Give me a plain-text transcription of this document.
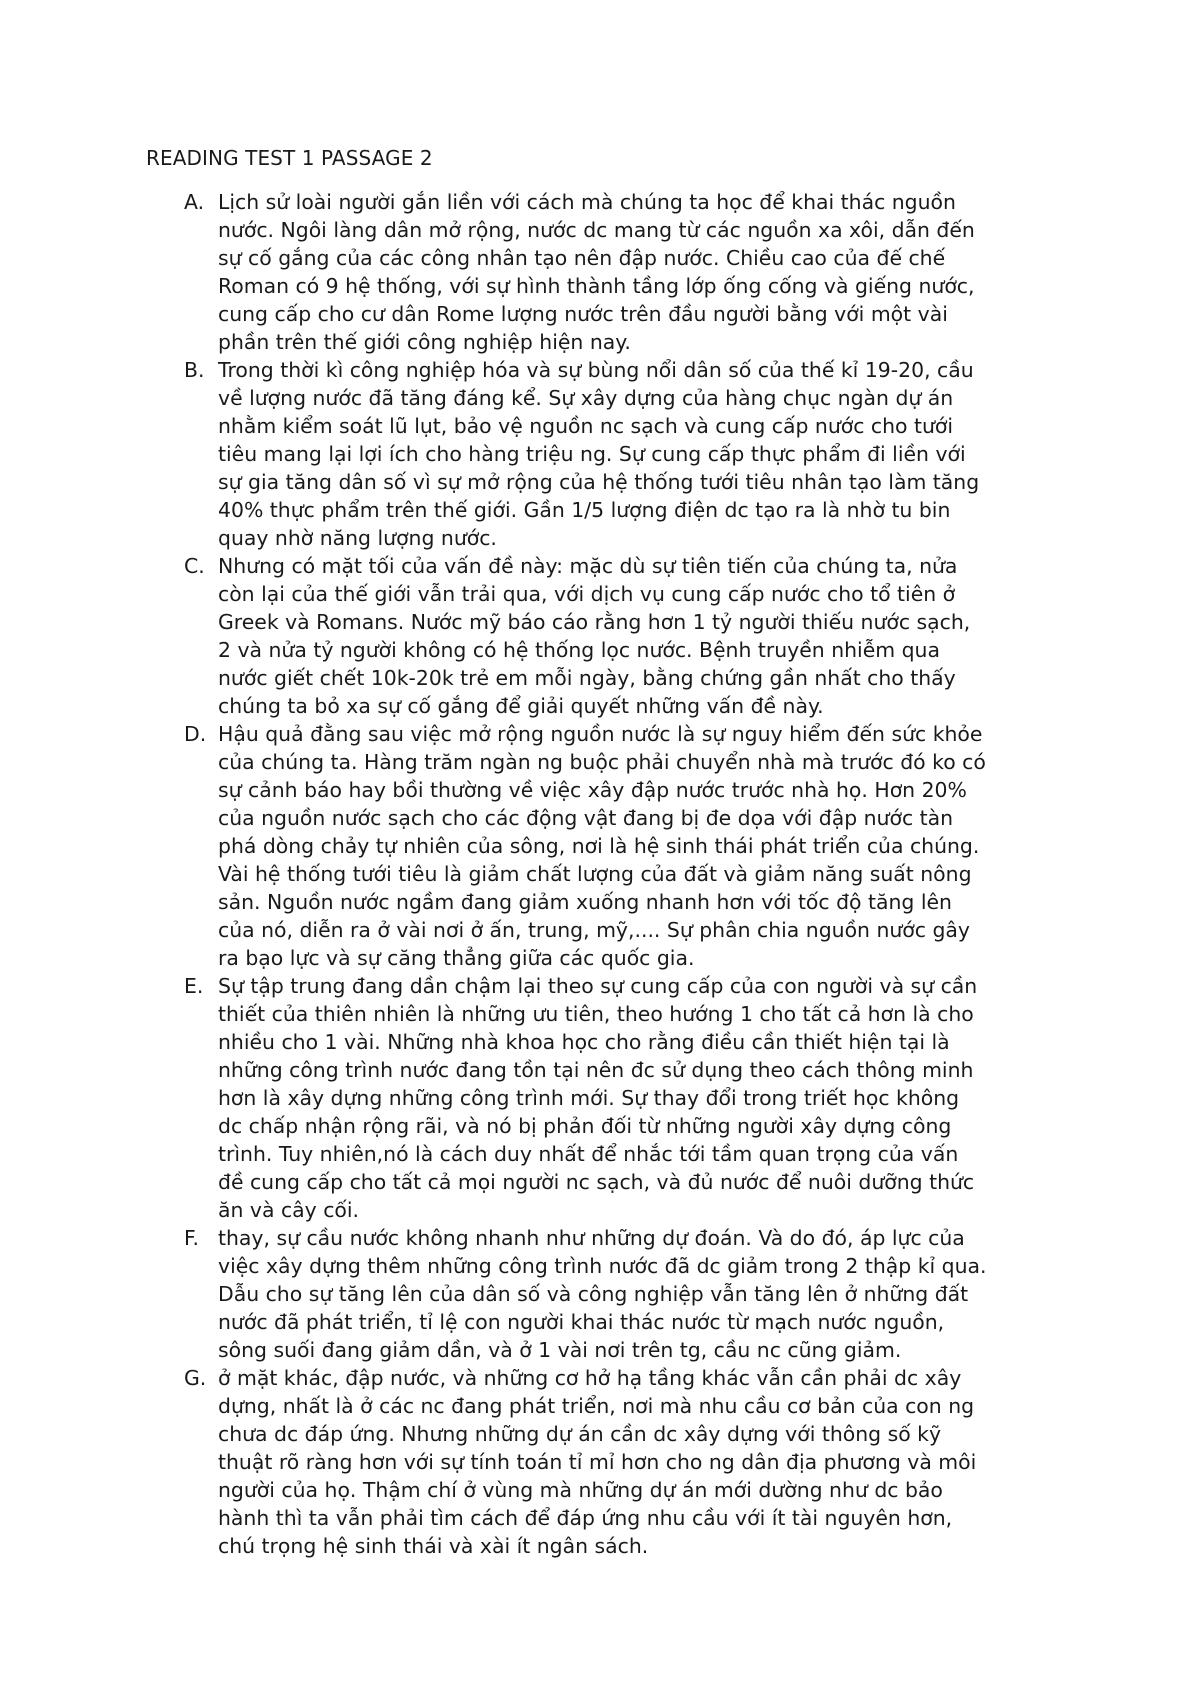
READING TEST 1 PASSAGE 2
A. Lịch sử loài người gắn liền với cách mà chúng ta học để khai thác nguồn
nước. Ngôi làng dân mở rộng, nước dc mang từ các nguồn xa xôi, dẫn đến
sự cố gắng của các công nhân tạo nên đập nước. Chiều cao của đế chế
Roman có 9 hệ thống, với sự hình thành tầng lớp ống cống và giếng nước,
cung cấp cho cư dân Rome lượng nước trên đầu người bằng với một vài
phần trên thế giới công nghiệp hiện nay.
B. Trong thời kì công nghiệp hóa và sự bùng nổi dân số của thế kỉ 19-20, cầu
về lượng nước đã tăng đáng kể. Sự xây dựng của hàng chục ngàn dự án
nhằm kiểm soát lũ lụt, bảo vệ nguồn nc sạch và cung cấp nước cho tưới
tiêu mang lại lợi ích cho hàng triệu ng. Sự cung cấp thực phẩm đi liền với
sự gia tăng dân số vì sự mở rộng của hệ thống tưới tiêu nhân tạo làm tăng
40% thực phẩm trên thế giới. Gần 1/5 lượng điện dc tạo ra là nhờ tu bin
quay nhờ năng lượng nước.
C. Nhưng có mặt tối của vấn đề này: mặc dù sự tiên tiến của chúng ta, nửa
còn lại của thế giới vẫn trải qua, với dịch vụ cung cấp nước cho tổ tiên ở
Greek và Romans. Nước mỹ báo cáo rằng hơn 1 tỷ người thiếu nước sạch,
2 và nửa tỷ người không có hệ thống lọc nước. Bệnh truyền nhiễm qua
nước giết chết 10k-20k trẻ em mỗi ngày, bằng chứng gần nhất cho thấy
chúng ta bỏ xa sự cố gắng để giải quyết những vấn đề này.
D. Hậu quả đằng sau việc mở rộng nguồn nước là sự nguy hiểm đến sức khỏe
của chúng ta. Hàng trăm ngàn ng buộc phải chuyển nhà mà trước đó ko có
sự cảnh báo hay bồi thường về việc xây đập nước trước nhà họ. Hơn 20%
của nguồn nước sạch cho các động vật đang bị đe dọa với đập nước tàn
phá dòng chảy tự nhiên của sông, nơi là hệ sinh thái phát triển của chúng.
Vài hệ thống tưới tiêu là giảm chất lượng của đất và giảm năng suất nông
sản. Nguồn nước ngầm đang giảm xuống nhanh hơn với tốc độ tăng lên
của nó, diễn ra ở vài nơi ở ấn, trung, mỹ,.... Sự phân chia nguồn nước gây
ra bạo lực và sự căng thẳng giữa các quốc gia.
E. Sự tập trung đang dần chậm lại theo sự cung cấp của con người và sự cần
thiết của thiên nhiên là những ưu tiên, theo hướng 1 cho tất cả hơn là cho
nhiều cho 1 vài. Những nhà khoa học cho rằng điều cần thiết hiện tại là
những công trình nước đang tồn tại nên đc sử dụng theo cách thông minh
hơn là xây dựng những công trình mới. Sự thay đổi trong triết học không
dc chấp nhận rộng rãi, và nó bị phản đối từ những người xây dựng công
trình. Tuy nhiên,nó là cách duy nhất để nhắc tới tầm quan trọng của vấn
đề cung cấp cho tất cả mọi người nc sạch, và đủ nước để nuôi dưỡng thức
ăn và cây cối.
F. thay, sự cầu nước không nhanh như những dự đoán. Và do đó, áp lực của
việc xây dựng thêm những công trình nước đã dc giảm trong 2 thập kỉ qua.
Dẫu cho sự tăng lên của dân số và công nghiệp vẫn tăng lên ở những đất
nước đã phát triển, tỉ lệ con người khai thác nước từ mạch nước nguồn,
sông suối đang giảm dần, và ở 1 vài nơi trên tg, cầu nc cũng giảm.
G. ở mặt khác, đập nước, và những cơ hở hạ tầng khác vẫn cần phải dc xây
dựng, nhất là ở các nc đang phát triển, nơi mà nhu cầu cơ bản của con ng
chưa dc đáp ứng. Nhưng những dự án cần dc xây dựng với thông số kỹ
thuật rõ ràng hơn với sự tính toán tỉ mỉ hơn cho ng dân địa phương và môi
người của họ. Thậm chí ở vùng mà những dự án mới dường như dc bảo
hành thì ta vẫn phải tìm cách để đáp ứng nhu cầu với ít tài nguyên hơn,
chú trọng hệ sinh thái và xài ít ngân sách.
